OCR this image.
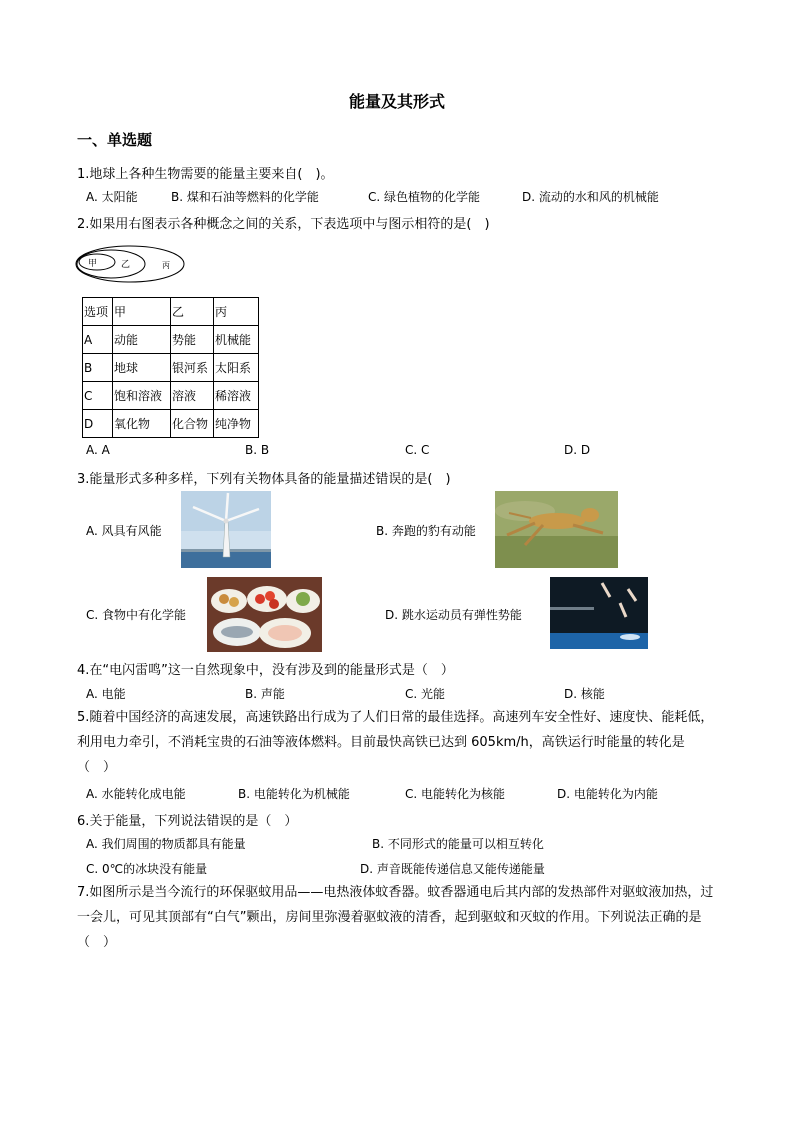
能量及其形式
一、单选题
1.地球上各种生物需要的能量主要来自(　)。
A. 太阳能	B. 煤和石油等燃料的化学能	C. 绿色植物的化学能	D. 流动的水和风的机械能
2.如果用右图表示各种概念之间的关系，下表选项中与图示相符的是(　)
甲	乙	丙
选项	甲	乙	丙
A	动能	势能	机械能
B	地球	银河系	太阳系
C	饱和溶液	溶液	稀溶液
D	氧化物	化合物	纯净物
A. A	B. B	C. C	D. D
3.能量形式多种多样，下列有关物体具备的能量描述错误的是(　)
A. 风具有风能	B. 奔跑的豹有动能
C. 食物中有化学能	D. 跳水运动员有弹性势能
4.在“电闪雷鸣”这一自然现象中，没有涉及到的能量形式是（　）
A. 电能	B. 声能	C. 光能	D. 核能
5.随着中国经济的高速发展，高速铁路出行成为了人们日常的最佳选择。高速列车安全性好、速度快、能耗低，利用电力牵引，不消耗宝贵的石油等液体燃料。目前最快高铁已达到 605km/h，高铁运行时能量的转化是 （　）
A. 水能转化成电能	B. 电能转化为机械能	C. 电能转化为核能	D. 电能转化为内能
6.关于能量，下列说法错误的是（　）
A. 我们周围的物质都具有能量	B. 不同形式的能量可以相互转化
C. 0℃的冰块没有能量	D. 声音既能传递信息又能传递能量
7.如图所示是当今流行的环保驱蚊用品——电热液体蚊香器。蚊香器通电后其内部的发热部件对驱蚊液加热，过一会儿，可见其顶部有“白气”颗出，房间里弥漫着驱蚊液的清香，起到驱蚊和灭蚊的作用。下列说法正确的是（　）
